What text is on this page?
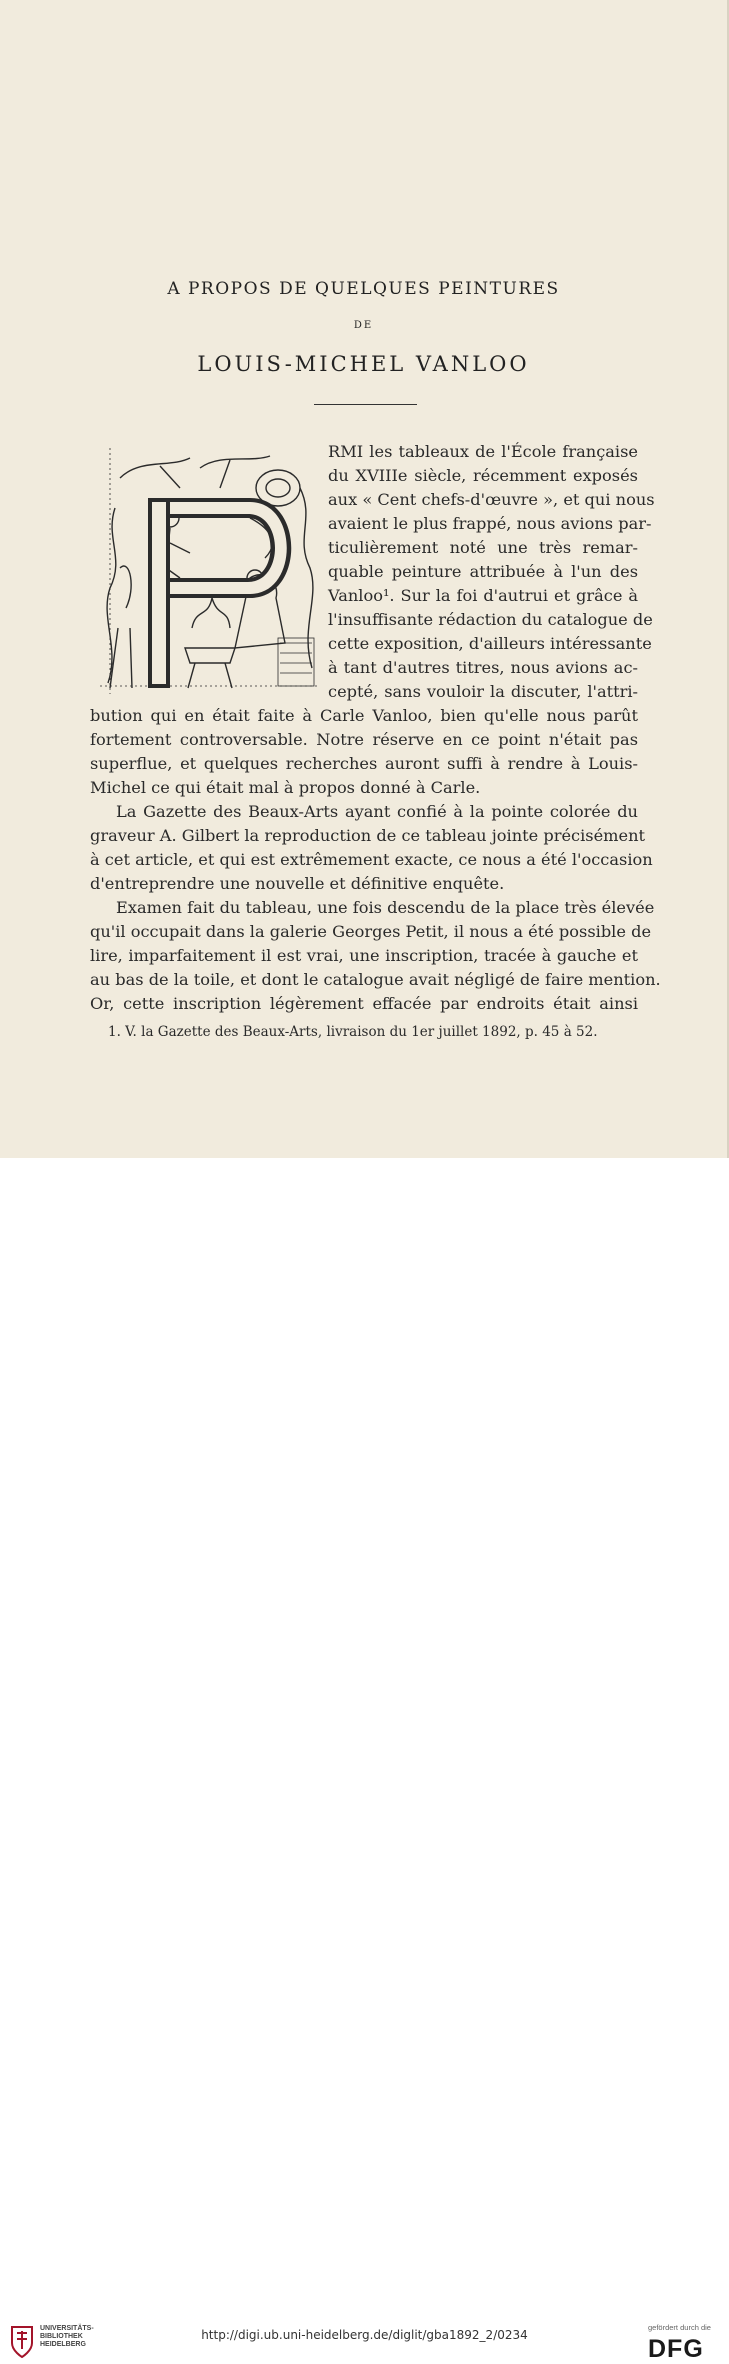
A PROPOS DE QUELQUES PEINTURES
DE
LOUIS-MICHEL VANLOO
RMI les tableaux de l'École française
du XVIIIe siècle, récemment exposés
aux « Cent chefs-d'œuvre », et qui nous
avaient le plus frappé, nous avions par-
ticulièrement noté une très remar-
quable peinture attribuée à l'un des
Vanloo¹. Sur la foi d'autrui et grâce à
l'insuffisante rédaction du catalogue de
cette exposition, d'ailleurs intéressante
à tant d'autres titres, nous avions ac-
cepté, sans vouloir la discuter, l'attri-
bution qui en était faite à Carle Vanloo, bien qu'elle nous parût
fortement controversable. Notre réserve en ce point n'était pas
superflue, et quelques recherches auront suffi à rendre à Louis-
Michel ce qui était mal à propos donné à Carle.
La Gazette des Beaux-Arts ayant confié à la pointe colorée du
graveur A. Gilbert la reproduction de ce tableau jointe précisément
à cet article, et qui est extrêmement exacte, ce nous a été l'occasion
d'entreprendre une nouvelle et définitive enquête.
Examen fait du tableau, une fois descendu de la place très élevée
qu'il occupait dans la galerie Georges Petit, il nous a été possible de
lire, imparfaitement il est vrai, une inscription, tracée à gauche et
au bas de la toile, et dont le catalogue avait négligé de faire mention.
Or, cette inscription légèrement effacée par endroits était ainsi
1. V. la Gazette des Beaux-Arts, livraison du 1er juillet 1892, p. 45 à 52.
UNIVERSITÄTS-
BIBLIOTHEK
HEIDELBERG
http://digi.ub.uni-heidelberg.de/diglit/gba1892_2/0234
gefördert durch die
DFG
